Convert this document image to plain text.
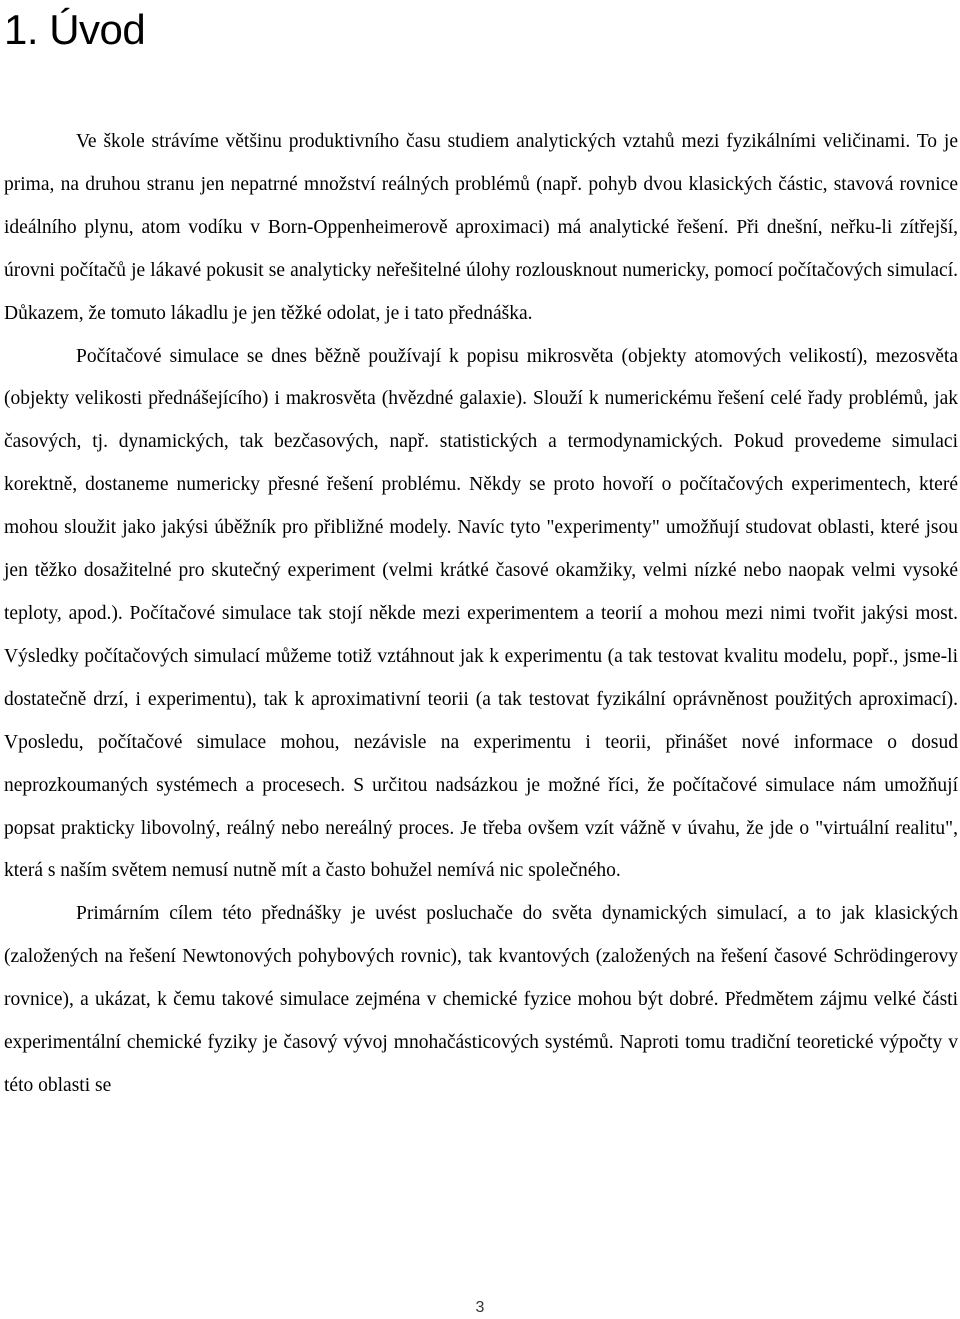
1. Úvod

Ve škole strávíme většinu produktivního času studiem analytických vztahů mezi fyzikálními veličinami. To je prima, na druhou stranu jen nepatrné množství reálných problémů (např. pohyb dvou klasických částic, stavová rovnice ideálního plynu, atom vodíku v Born-Oppenheimerově aproximaci) má analytické řešení. Při dnešní, neřku-li zítřejší, úrovni počítačů je lákavé pokusit se analyticky neřešitelné úlohy rozlousknout numericky, pomocí počítačových simulací. Důkazem, že tomuto lákadlu je jen těžké odolat, je i tato přednáška.

Počítačové simulace se dnes běžně používají k popisu mikrosvěta (objekty atomových velikostí), mezosvěta (objekty velikosti přednášejícího) i makrosvěta (hvězdné galaxie). Slouží k numerickému řešení celé řady problémů, jak časových, tj. dynamických, tak bezčasových, např. statistických a termodynamických. Pokud provedeme simulaci korektně, dostaneme numericky přesné řešení problému. Někdy se proto hovoří o počítačových experimentech, které mohou sloužit jako jakýsi úběžník pro přibližné modely. Navíc tyto "experimenty" umožňují studovat oblasti, které jsou jen těžko dosažitelné pro skutečný experiment (velmi krátké časové okamžiky, velmi nízké nebo naopak velmi vysoké teploty, apod.). Počítačové simulace tak stojí někde mezi experimentem a teorií a mohou mezi nimi tvořit jakýsi most. Výsledky počítačových simulací můžeme totiž vztáhnout jak k experimentu (a tak testovat kvalitu modelu, popř., jsme-li dostatečně drzí, i experimentu), tak k aproximativní teorii (a tak testovat fyzikální oprávněnost použitých aproximací). Vposledu, počítačové simulace mohou, nezávisle na experimentu i teorii, přinášet nové informace o dosud neprozkoumaných systémech a procesech. S určitou nadsázkou je možné říci, že počítačové simulace nám umožňují popsat prakticky libovolný, reálný nebo nereálný proces. Je třeba ovšem vzít vážně v úvahu, že jde o "virtuální realitu", která s naším světem nemusí nutně mít a často bohužel nemívá nic společného.

Primárním cílem této přednášky je uvést posluchače do světa dynamických simulací, a to jak klasických (založených na řešení Newtonových pohybových rovnic), tak kvantových (založených na řešení časové Schrödingerovy rovnice), a ukázat, k čemu takové simulace zejména v chemické fyzice mohou být dobré. Předmětem zájmu velké části experimentální chemické fyziky je časový vývoj mnohačásticových systémů. Naproti tomu tradiční teoretické výpočty v této oblasti se

3
